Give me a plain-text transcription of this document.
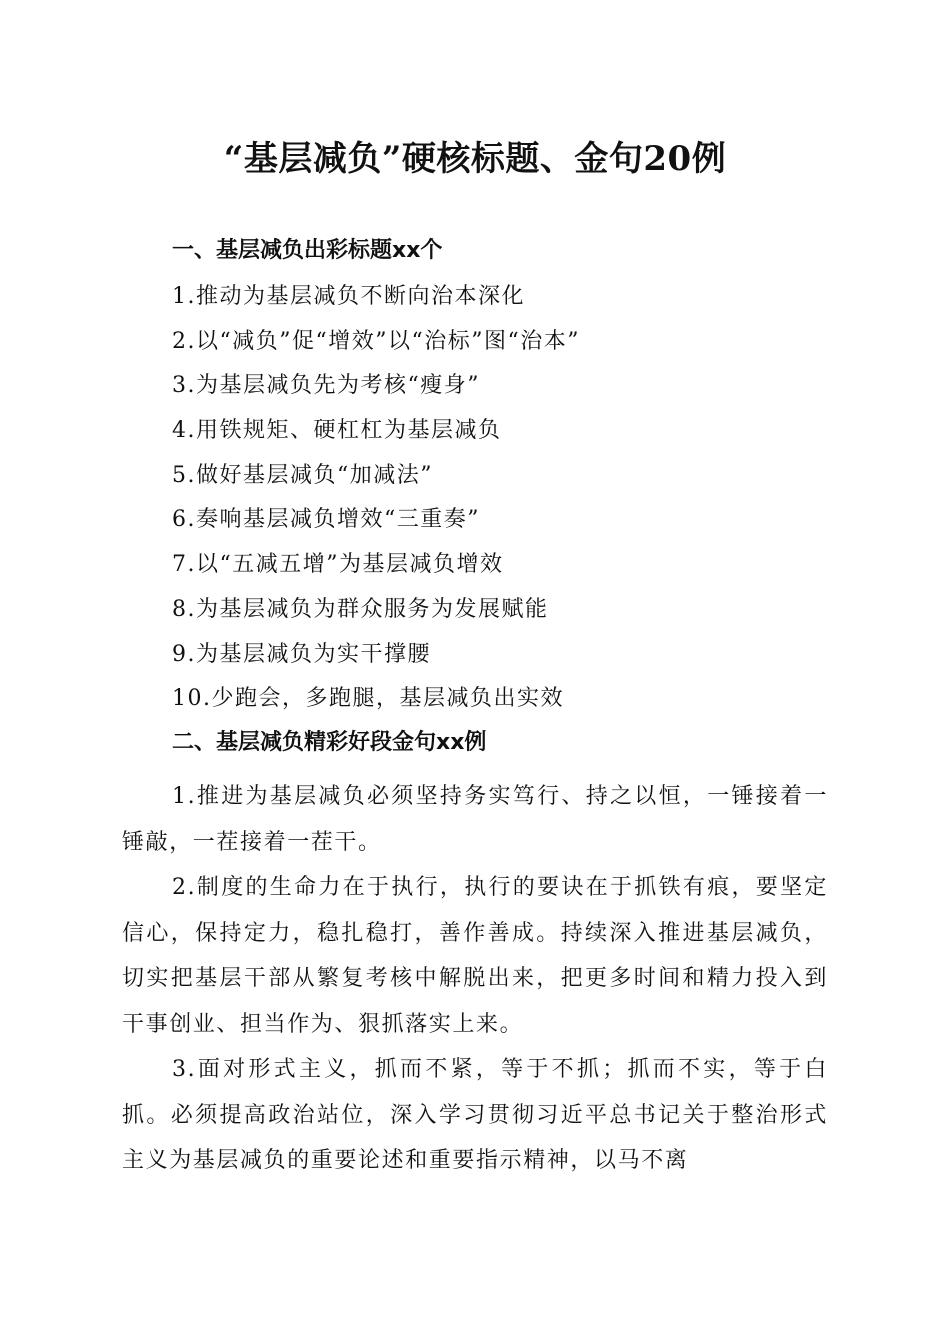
“基层减负”硬核标题、金句20例
一、基层减负出彩标题xx个
1.推动为基层减负不断向治本深化
2.以“减负”促“增效”以“治标”图“治本”
3.为基层减负先为考核“瘦身”
4.用铁规矩、硬杠杠为基层减负
5.做好基层减负“加减法”
6.奏响基层减负增效“三重奏”
7.以“五减五增”为基层减负增效
8.为基层减负为群众服务为发展赋能
9.为基层减负为实干撑腰
10.少跑会，多跑腿，基层减负出实效
二、基层减负精彩好段金句xx例

1.推进为基层减负必须坚持务实笃行、持之以恒，一锤接着一锤敲，一茬接着一茬干。

2.制度的生命力在于执行，执行的要诀在于抓铁有痕，要坚定信心，保持定力，稳扎稳打，善作善成。持续深入推进基层减负，切实把基层干部从繁复考核中解脱出来，把更多时间和精力投入到干事创业、担当作为、狠抓落实上来。

3.面对形式主义，抓而不紧，等于不抓；抓而不实，等于白抓。必须提高政治站位，深入学习贯彻习近平总书记关于整治形式主义为基层减负的重要论述和重要指示精神，以马不离
